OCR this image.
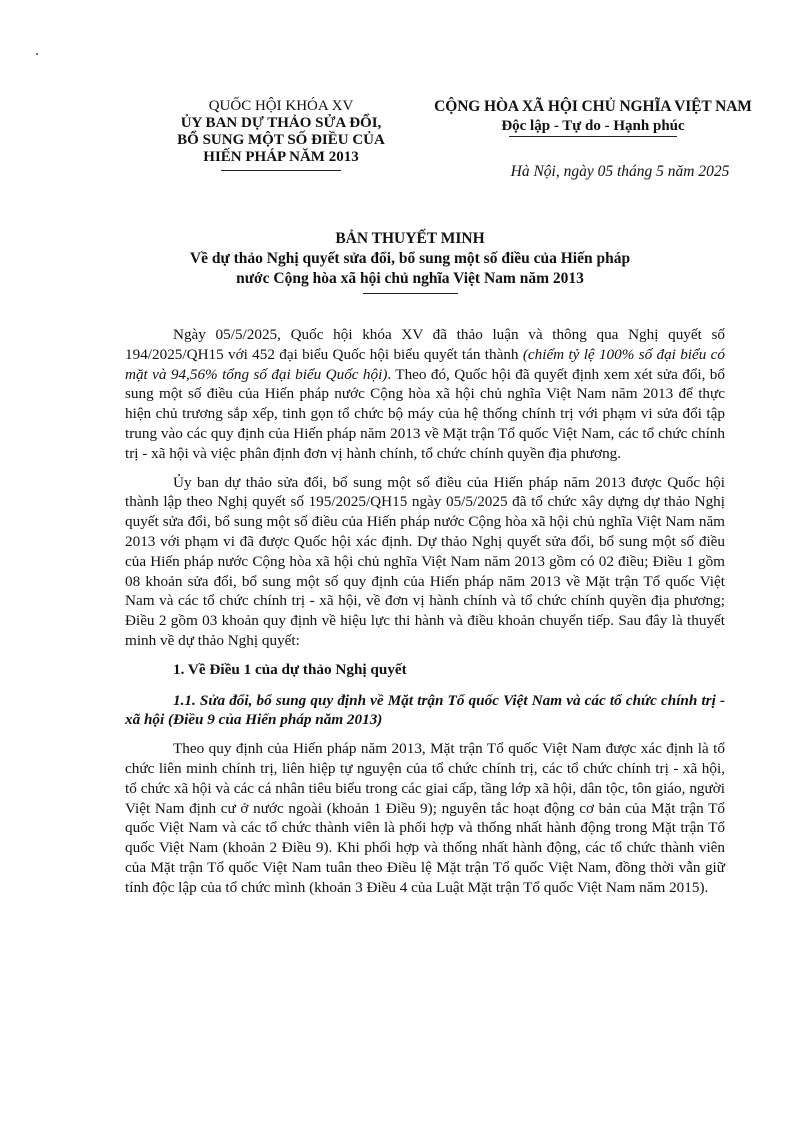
QUỐC HỘI KHÓA XV
ỦY BAN DỰ THẢO SỬA ĐỔI,
BỔ SUNG MỘT SỐ ĐIỀU CỦA
HIẾN PHÁP NĂM 2013
CỘNG HÒA XÃ HỘI CHỦ NGHĨA VIỆT NAM
Độc lập - Tự do - Hạnh phúc
Hà Nội, ngày 05 tháng 5 năm 2025
BẢN THUYẾT MINH
Về dự thảo Nghị quyết sửa đổi, bổ sung một số điều của Hiến pháp
nước Cộng hòa xã hội chủ nghĩa Việt Nam năm 2013

Ngày 05/5/2025, Quốc hội khóa XV đã thảo luận và thông qua Nghị quyết số 194/2025/QH15 với 452 đại biểu Quốc hội biểu quyết tán thành (chiếm tỷ lệ 100% số đại biểu có mặt và 94,56% tổng số đại biểu Quốc hội). Theo đó, Quốc hội đã quyết định xem xét sửa đổi, bổ sung một số điều của Hiến pháp nước Cộng hòa xã hội chủ nghĩa Việt Nam năm 2013 để thực hiện chủ trương sắp xếp, tinh gọn tổ chức bộ máy của hệ thống chính trị với phạm vi sửa đổi tập trung vào các quy định của Hiến pháp năm 2013 về Mặt trận Tổ quốc Việt Nam, các tổ chức chính trị - xã hội và việc phân định đơn vị hành chính, tổ chức chính quyền địa phương.

Ủy ban dự thảo sửa đổi, bổ sung một số điều của Hiến pháp năm 2013 được Quốc hội thành lập theo Nghị quyết số 195/2025/QH15 ngày 05/5/2025 đã tổ chức xây dựng dự thảo Nghị quyết sửa đổi, bổ sung một số điều của Hiến pháp nước Cộng hòa xã hội chủ nghĩa Việt Nam năm 2013 với phạm vi đã được Quốc hội xác định. Dự thảo Nghị quyết sửa đổi, bổ sung một số điều của Hiến pháp nước Cộng hòa xã hội chủ nghĩa Việt Nam năm 2013 gồm có 02 điều; Điều 1 gồm 08 khoản sửa đổi, bổ sung một số quy định của Hiến pháp năm 2013 về Mặt trận Tổ quốc Việt Nam và các tổ chức chính trị - xã hội, về đơn vị hành chính và tổ chức chính quyền địa phương; Điều 2 gồm 03 khoản quy định về hiệu lực thi hành và điều khoản chuyển tiếp. Sau đây là thuyết minh về dự thảo Nghị quyết:

1. Về Điều 1 của dự thảo Nghị quyết
1.1. Sửa đổi, bổ sung quy định về Mặt trận Tổ quốc Việt Nam và các tổ chức chính trị - xã hội (Điều 9 của Hiến pháp năm 2013)

Theo quy định của Hiến pháp năm 2013, Mặt trận Tổ quốc Việt Nam được xác định là tổ chức liên minh chính trị, liên hiệp tự nguyện của tổ chức chính trị, các tổ chức chính trị - xã hội, tổ chức xã hội và các cá nhân tiêu biểu trong các giai cấp, tầng lớp xã hội, dân tộc, tôn giáo, người Việt Nam định cư ở nước ngoài (khoản 1 Điều 9); nguyên tắc hoạt động cơ bản của Mặt trận Tổ quốc Việt Nam và các tổ chức thành viên là phối hợp và thống nhất hành động trong Mặt trận Tổ quốc Việt Nam (khoản 2 Điều 9). Khi phối hợp và thống nhất hành động, các tổ chức thành viên của Mặt trận Tổ quốc Việt Nam tuân theo Điều lệ Mặt trận Tổ quốc Việt Nam, đồng thời vẫn giữ tính độc lập của tổ chức mình (khoản 3 Điều 4 của Luật Mặt trận Tổ quốc Việt Nam năm 2015).
